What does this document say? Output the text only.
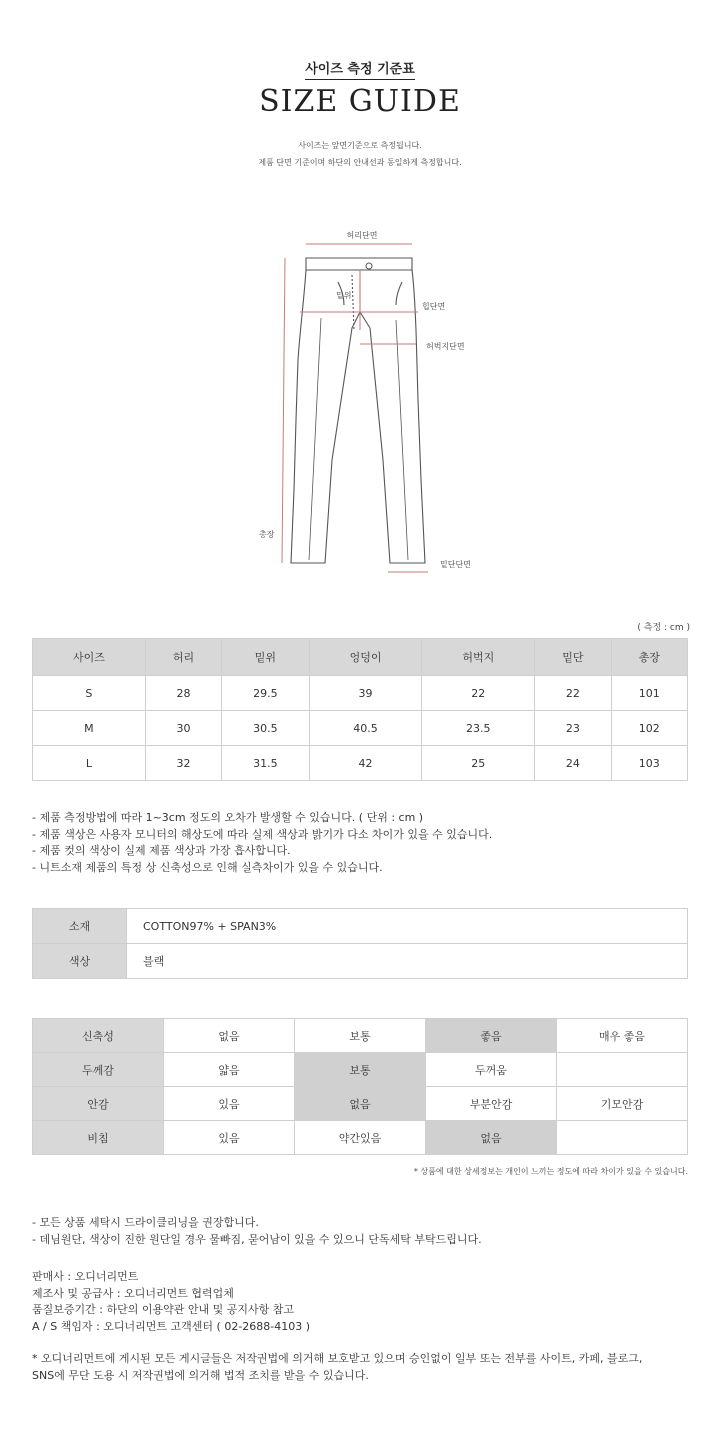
사이즈 측정 기준표
SIZE GUIDE
사이즈는 앞면기준으로 측정됩니다.
제품 단면 기준이며 하단의 안내선과 동일하게 측정합니다.
허리단면
밑위
힙단면
허벅지단면
총장
밑단단면
( 측정 : cm )
사이즈	허리	밑위	엉덩이	허벅지	밑단	총장
S	28	29.5	39	22	22	101
M	30	30.5	40.5	23.5	23	102
L	32	31.5	42	25	24	103
- 제품 측정방법에 따라 1~3cm 정도의 오차가 발생할 수 있습니다. ( 단위 : cm )
- 제품 색상은 사용자 모니터의 해상도에 따라 실제 색상과 밝기가 다소 차이가 있을 수 있습니다.
- 제품 컷의 색상이 실제 제품 색상과 가장 흡사합니다.
- 니트소재 제품의 특정 상 신축성으로 인해 실측차이가 있을 수 있습니다.
소재	COTTON97% + SPAN3%
색상	블랙
신축성	없음	보통	좋음	매우 좋음
두께감	얇음	보통	두꺼움	
안감	있음	없음	부분안감	기모안감
비침	있음	약간있음	없음	
* 상품에 대한 상세정보는 개인이 느끼는 정도에 따라 차이가 있을 수 있습니다.
- 모든 상품 세탁시 드라이클리닝을 권장합니다.
- 데님원단, 색상이 진한 원단일 경우 물빠짐, 묻어남이 있을 수 있으니 단독세탁 부탁드립니다.
판매사 : 오디너리먼트
제조사 및 공급사 : 오디너리먼트 협력업체
품질보증기간 : 하단의 이용약관 안내 및 공지사항 참고
A / S 책임자 : 오디너리먼트 고객센터 ( 02-2688-4103 )
* 오디너리먼트에 게시된 모든 게시글들은 저작권법에 의거해 보호받고 있으며 승인없이 일부 또는 전부를 사이트, 카페, 블로그,
SNS에 무단 도용 시 저작권법에 의거해 법적 조치를 받을 수 있습니다.
